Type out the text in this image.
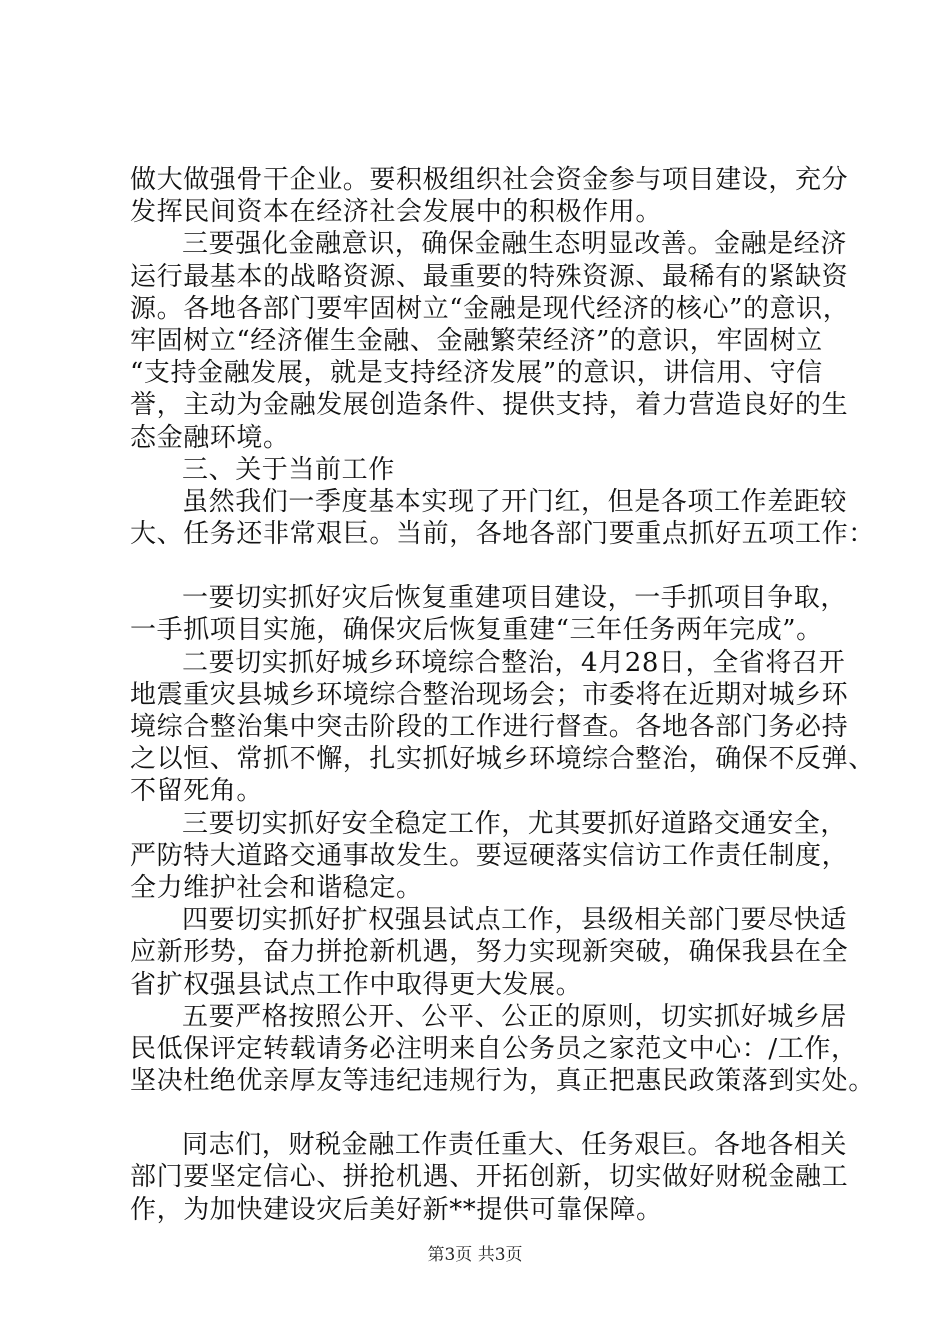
做大做强骨干企业。要积极组织社会资金参与项目建设，充分
发挥民间资本在经济社会发展中的积极作用。
三要强化金融意识，确保金融生态明显改善。金融是经济
运行最基本的战略资源、最重要的特殊资源、最稀有的紧缺资
源。各地各部门要牢固树立“金融是现代经济的核心”的意识，
牢固树立“经济催生金融、金融繁荣经济”的意识，牢固树立
“支持金融发展，就是支持经济发展”的意识，讲信用、守信
誉，主动为金融发展创造条件、提供支持，着力营造良好的生
态金融环境。
三、关于当前工作
虽然我们一季度基本实现了开门红，但是各项工作差距较
大、任务还非常艰巨。当前，各地各部门要重点抓好五项工作：
一要切实抓好灾后恢复重建项目建设，一手抓项目争取，
一手抓项目实施，确保灾后恢复重建“三年任务两年完成”。
二要切实抓好城乡环境综合整治，4月28日，全省将召开
地震重灾县城乡环境综合整治现场会；市委将在近期对城乡环
境综合整治集中突击阶段的工作进行督查。各地各部门务必持
之以恒、常抓不懈，扎实抓好城乡环境综合整治，确保不反弹、
不留死角。
三要切实抓好安全稳定工作，尤其要抓好道路交通安全，
严防特大道路交通事故发生。要逗硬落实信访工作责任制度，
全力维护社会和谐稳定。
四要切实抓好扩权强县试点工作，县级相关部门要尽快适
应新形势，奋力拼抢新机遇，努力实现新突破，确保我县在全
省扩权强县试点工作中取得更大发展。
五要严格按照公开、公平、公正的原则，切实抓好城乡居
民低保评定转载请务必注明来自公务员之家范文中心：/工作，
坚决杜绝优亲厚友等违纪违规行为，真正把惠民政策落到实处。
同志们，财税金融工作责任重大、任务艰巨。各地各相关
部门要坚定信心、拼抢机遇、开拓创新，切实做好财税金融工
作，为加快建设灾后美好新**提供可靠保障。
第3页 共3页
